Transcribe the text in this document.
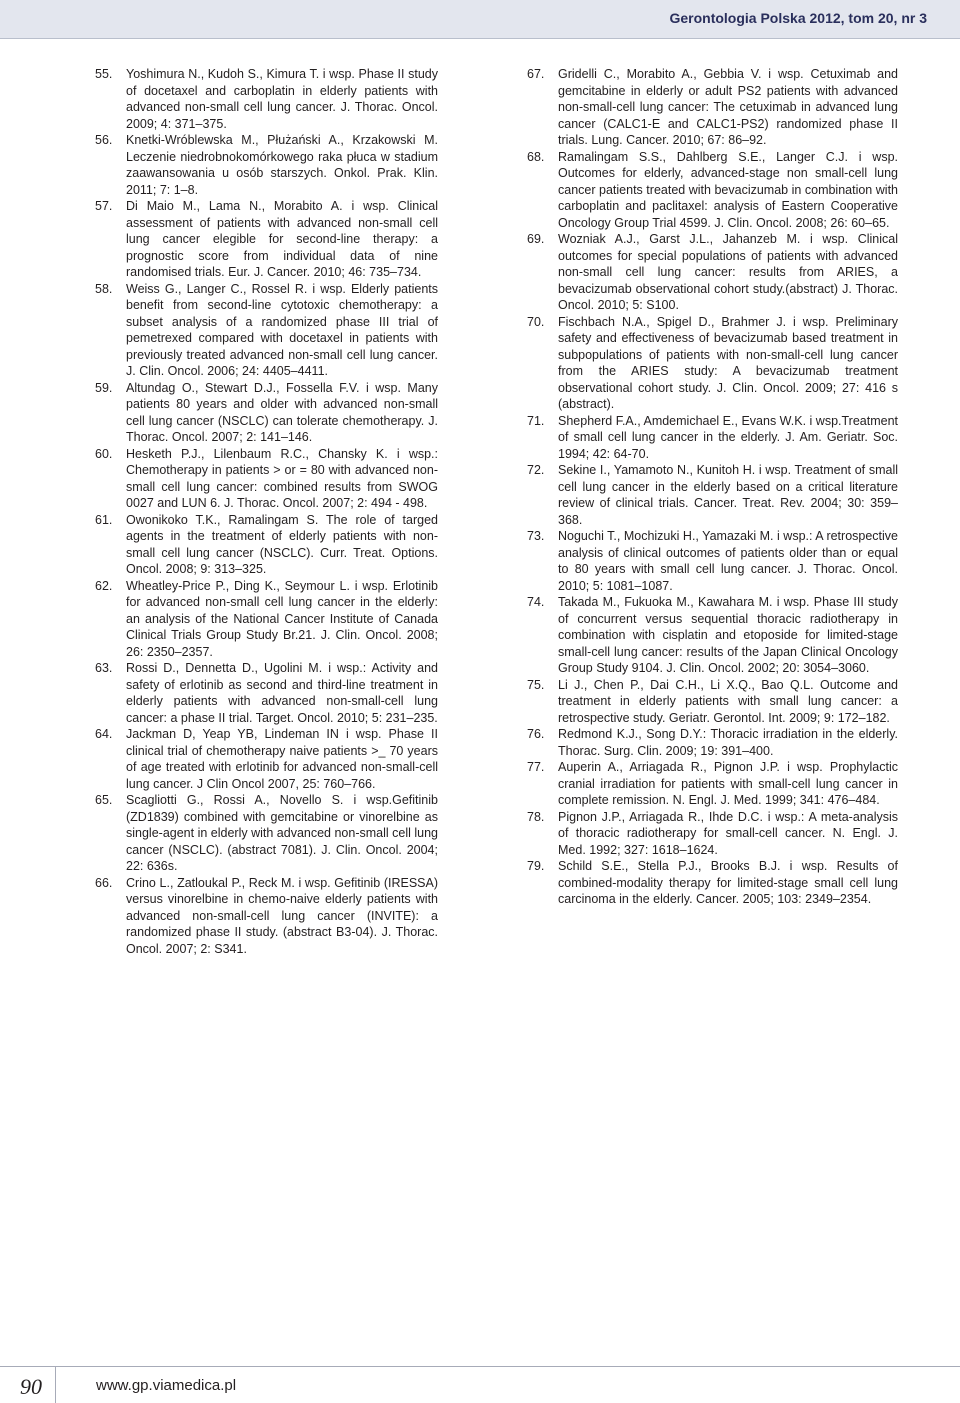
Gerontologia Polska 2012, tom 20, nr 3
55. Yoshimura N., Kudoh S., Kimura T. i wsp. Phase II study of docetaxel and carboplatin in elderly patients with advanced non-small cell lung cancer. J. Thorac. Oncol. 2009; 4: 371–375.
56. Knetki-Wróblewska M., Płużański A., Krzakowski M. Leczenie niedrobnokomórkowego raka płuca w stadium zaawansowania u osób starszych. Onkol. Prak. Klin. 2011; 7: 1–8.
57. Di Maio M., Lama N., Morabito A. i wsp. Clinical assessment of patients with advanced non-small cell lung cancer elegible for second-line therapy: a prognostic score from individual data of nine randomised trials. Eur. J. Cancer. 2010; 46: 735–734.
58. Weiss G., Langer C., Rossel R. i wsp. Elderly patients benefit from second-line cytotoxic chemotherapy: a subset analysis of a randomized phase III trial of pemetrexed compared with docetaxel in patients with previously treated advanced non-small cell lung cancer. J. Clin. Oncol. 2006; 24: 4405–4411.
59. Altundag O., Stewart D.J., Fossella F.V. i wsp. Many patients 80 years and older with advanced non-small cell lung cancer (NSCLC) can tolerate chemotherapy. J. Thorac. Oncol. 2007; 2: 141–146.
60. Hesketh P.J., Lilenbaum R.C., Chansky K. i wsp.: Chemotherapy in patients > or = 80 with advanced non-small cell lung cancer: combined results from SWOG 0027 and LUN 6. J. Thorac. Oncol. 2007; 2: 494 - 498.
61. Owonikoko T.K., Ramalingam S. The role of targed agents in the treatment of elderly patients with non-small cell lung cancer (NSCLC). Curr. Treat. Options. Oncol. 2008; 9: 313–325.
62. Wheatley-Price P., Ding K., Seymour L. i wsp. Erlotinib for advanced non-small cell lung cancer in the elderly: an analysis of the National Cancer Institute of Canada Clinical Trials Group Study Br.21. J. Clin. Oncol. 2008; 26: 2350–2357.
63. Rossi D., Dennetta D., Ugolini M. i wsp.: Activity and safety of erlotinib as second and third-line treatment in elderly patients with advanced non-small-cell lung cancer: a phase II trial. Target. Oncol. 2010; 5: 231–235.
64. Jackman D, Yeap YB, Lindeman IN i wsp. Phase II clinical trial of chemotherapy naive patients >_ 70 years of age treated with erlotinib for advanced non-small-cell lung cancer. J Clin Oncol 2007, 25: 760–766.
65. Scagliotti G., Rossi A., Novello S. i wsp.Gefitinib (ZD1839) combined with gemcitabine or vinorelbine as single-agent in elderly with advanced non-small cell lung cancer (NSCLC). (abstract 7081). J. Clin. Oncol. 2004; 22: 636s.
66. Crino L., Zatloukal P., Reck M. i wsp. Gefitinib (IRESSA) versus vinorelbine in chemo-naive elderly patients with advanced non-small-cell lung cancer (INVITE): a randomized phase II study. (abstract B3-04). J. Thorac. Oncol. 2007; 2: S341.
67. Gridelli C., Morabito A., Gebbia V. i wsp. Cetuximab and gemcitabine in elderly or adult PS2 patients with advanced non-small-cell lung cancer: The cetuximab in advanced lung cancer (CALC1-E and CALC1-PS2) randomized phase II trials. Lung. Cancer. 2010; 67: 86–92.
68. Ramalingam S.S., Dahlberg S.E., Langer C.J. i wsp. Outcomes for elderly, advanced-stage non small-cell lung cancer patients treated with bevacizumab in combination with carboplatin and paclitaxel: analysis of Eastern Cooperative Oncology Group Trial 4599. J. Clin. Oncol. 2008; 26: 60–65.
69. Wozniak A.J., Garst J.L., Jahanzeb M. i wsp. Clinical outcomes for special populations of patients with advanced non-small cell lung cancer: results from ARIES, a bevacizumab observational cohort study.(abstract) J. Thorac. Oncol. 2010; 5: S100.
70. Fischbach N.A., Spigel D., Brahmer J. i wsp. Preliminary safety and effectiveness of bevacizumab based treatment in subpopulations of patients with non-small-cell lung cancer from the ARIES study: A bevacizumab treatment observational cohort study. J. Clin. Oncol. 2009; 27: 416 s (abstract).
71. Shepherd F.A., Amdemichael E., Evans W.K. i wsp.Treatment of small cell lung cancer in the elderly. J. Am. Geriatr. Soc. 1994; 42: 64-70.
72. Sekine I., Yamamoto N., Kunitoh H. i wsp. Treatment of small cell lung cancer in the elderly based on a critical literature review of clinical trials. Cancer. Treat. Rev. 2004; 30: 359–368.
73. Noguchi T., Mochizuki H., Yamazaki M. i wsp.: A retrospective analysis of clinical outcomes of patients older than or equal to 80 years with small cell lung cancer. J. Thorac. Oncol. 2010; 5: 1081–1087.
74. Takada M., Fukuoka M., Kawahara M. i wsp. Phase III study of concurrent versus sequential thoracic radiotherapy in combination with cisplatin and etoposide for limited-stage small-cell lung cancer: results of the Japan Clinical Oncology Group Study 9104. J. Clin. Oncol. 2002; 20: 3054–3060.
75. Li J., Chen P., Dai C.H., Li X.Q., Bao Q.L. Outcome and treatment in elderly patients with small lung cancer: a retrospective study. Geriatr. Gerontol. Int. 2009; 9: 172–182.
76. Redmond K.J., Song D.Y.: Thoracic irradiation in the elderly. Thorac. Surg. Clin. 2009; 19: 391–400.
77. Auperin A., Arriagada R., Pignon J.P. i wsp. Prophylactic cranial irradiation for patients with small-cell lung cancer in complete remission. N. Engl. J. Med. 1999; 341: 476–484.
78. Pignon J.P., Arriagada R., Ihde D.C. i wsp.: A meta-analysis of thoracic radiotherapy for small-cell cancer. N. Engl. J. Med. 1992; 327: 1618–1624.
79. Schild S.E., Stella P.J., Brooks B.J. i wsp. Results of combined-modality therapy for limited-stage small cell lung carcinoma in the elderly. Cancer. 2005; 103: 2349–2354.
90	www.gp.viamedica.pl
